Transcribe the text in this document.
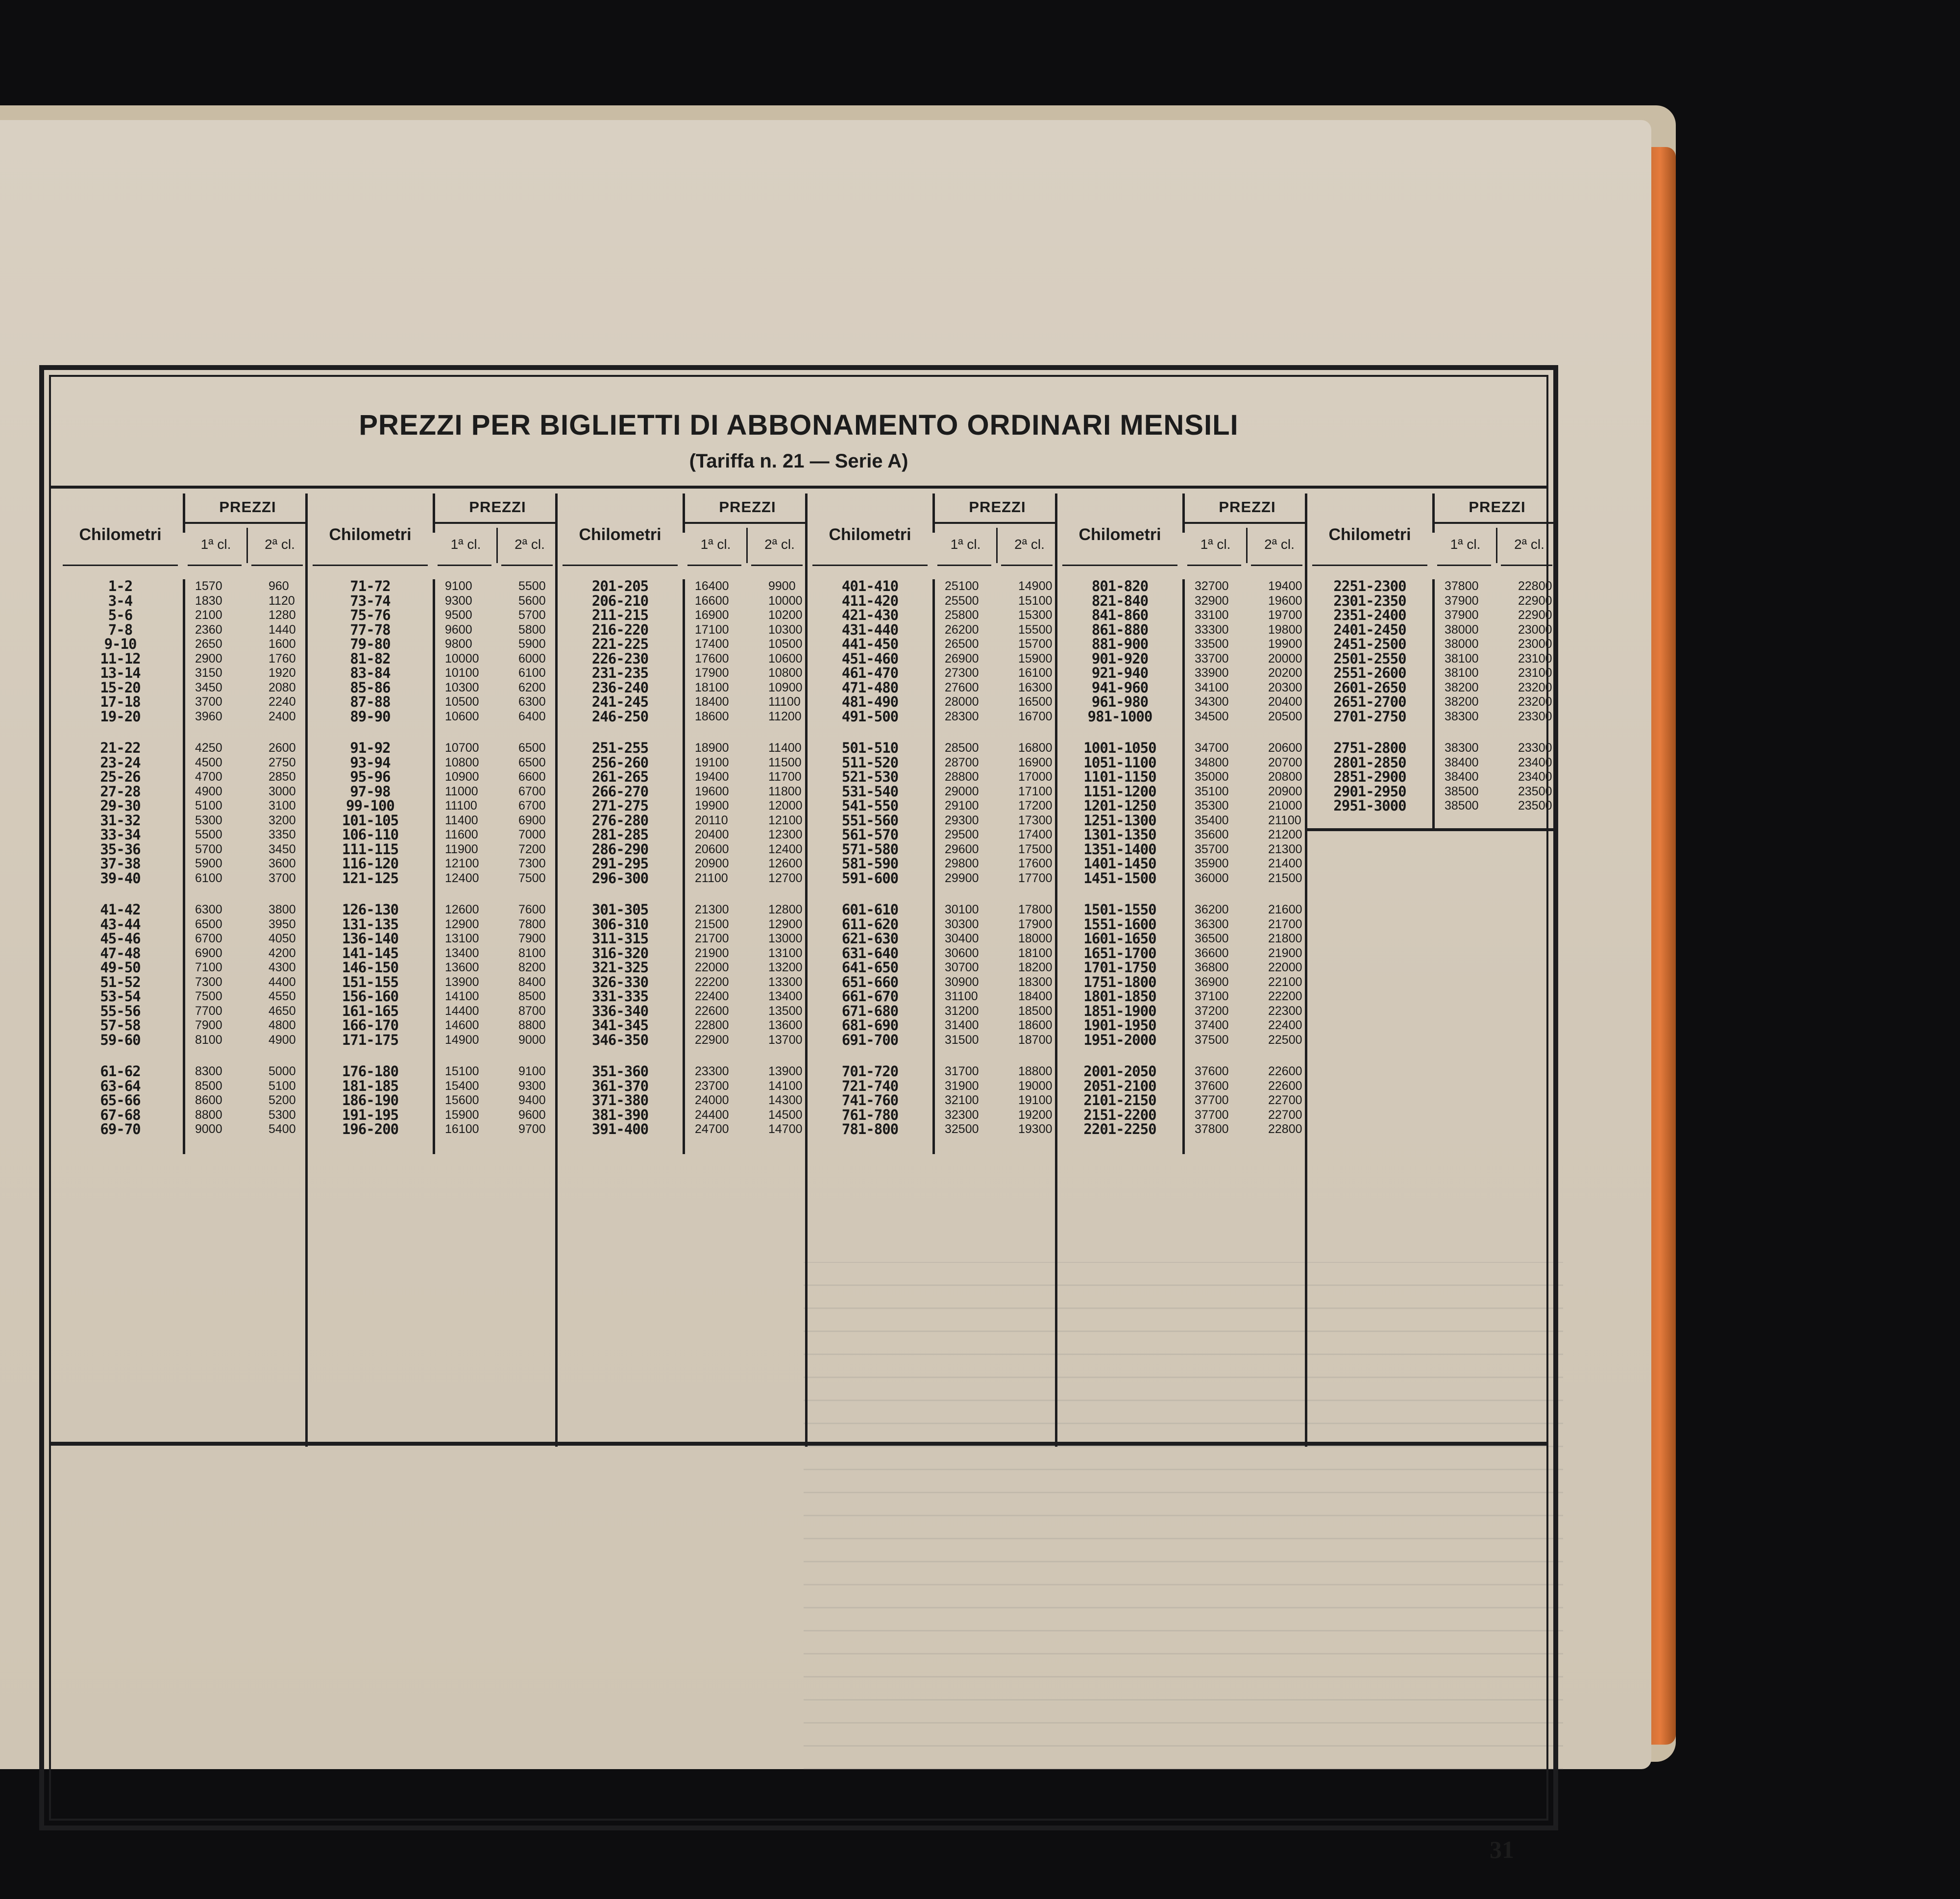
PREZZI PER BIGLIETTI DI ABBONAMENTO ORDINARI MENSILI
(Tariffa n. 21 — Serie A)
Chilometri
PREZZI
1ª cl.	2ª cl.
1-2	1570	960
3-4	1830	1120
5-6	2100	1280
7-8	2360	1440
9-10	2650	1600
11-12	2900	1760
13-14	3150	1920
15-20	3450	2080
17-18	3700	2240
19-20	3960	2400
21-22	4250	2600
23-24	4500	2750
25-26	4700	2850
27-28	4900	3000
29-30	5100	3100
31-32	5300	3200
33-34	5500	3350
35-36	5700	3450
37-38	5900	3600
39-40	6100	3700
41-42	6300	3800
43-44	6500	3950
45-46	6700	4050
47-48	6900	4200
49-50	7100	4300
51-52	7300	4400
53-54	7500	4550
55-56	7700	4650
57-58	7900	4800
59-60	8100	4900
61-62	8300	5000
63-64	8500	5100
65-66	8600	5200
67-68	8800	5300
69-70	9000	5400
Chilometri
PREZZI
1ª cl.	2ª cl.
71-72	9100	5500
73-74	9300	5600
75-76	9500	5700
77-78	9600	5800
79-80	9800	5900
81-82	10000	6000
83-84	10100	6100
85-86	10300	6200
87-88	10500	6300
89-90	10600	6400
91-92	10700	6500
93-94	10800	6500
95-96	10900	6600
97-98	11000	6700
99-100	11100	6700
101-105	11400	6900
106-110	11600	7000
111-115	11900	7200
116-120	12100	7300
121-125	12400	7500
126-130	12600	7600
131-135	12900	7800
136-140	13100	7900
141-145	13400	8100
146-150	13600	8200
151-155	13900	8400
156-160	14100	8500
161-165	14400	8700
166-170	14600	8800
171-175	14900	9000
176-180	15100	9100
181-185	15400	9300
186-190	15600	9400
191-195	15900	9600
196-200	16100	9700
Chilometri
PREZZI
1ª cl.	2ª cl.
201-205	16400	9900
206-210	16600	10000
211-215	16900	10200
216-220	17100	10300
221-225	17400	10500
226-230	17600	10600
231-235	17900	10800
236-240	18100	10900
241-245	18400	11100
246-250	18600	11200
251-255	18900	11400
256-260	19100	11500
261-265	19400	11700
266-270	19600	11800
271-275	19900	12000
276-280	20110	12100
281-285	20400	12300
286-290	20600	12400
291-295	20900	12600
296-300	21100	12700
301-305	21300	12800
306-310	21500	12900
311-315	21700	13000
316-320	21900	13100
321-325	22000	13200
326-330	22200	13300
331-335	22400	13400
336-340	22600	13500
341-345	22800	13600
346-350	22900	13700
351-360	23300	13900
361-370	23700	14100
371-380	24000	14300
381-390	24400	14500
391-400	24700	14700
Chilometri
PREZZI
1ª cl.	2ª cl.
401-410	25100	14900
411-420	25500	15100
421-430	25800	15300
431-440	26200	15500
441-450	26500	15700
451-460	26900	15900
461-470	27300	16100
471-480	27600	16300
481-490	28000	16500
491-500	28300	16700
501-510	28500	16800
511-520	28700	16900
521-530	28800	17000
531-540	29000	17100
541-550	29100	17200
551-560	29300	17300
561-570	29500	17400
571-580	29600	17500
581-590	29800	17600
591-600	29900	17700
601-610	30100	17800
611-620	30300	17900
621-630	30400	18000
631-640	30600	18100
641-650	30700	18200
651-660	30900	18300
661-670	31100	18400
671-680	31200	18500
681-690	31400	18600
691-700	31500	18700
701-720	31700	18800
721-740	31900	19000
741-760	32100	19100
761-780	32300	19200
781-800	32500	19300
Chilometri
PREZZI
1ª cl.	2ª cl.
801-820	32700	19400
821-840	32900	19600
841-860	33100	19700
861-880	33300	19800
881-900	33500	19900
901-920	33700	20000
921-940	33900	20200
941-960	34100	20300
961-980	34300	20400
981-1000	34500	20500
1001-1050	34700	20600
1051-1100	34800	20700
1101-1150	35000	20800
1151-1200	35100	20900
1201-1250	35300	21000
1251-1300	35400	21100
1301-1350	35600	21200
1351-1400	35700	21300
1401-1450	35900	21400
1451-1500	36000	21500
1501-1550	36200	21600
1551-1600	36300	21700
1601-1650	36500	21800
1651-1700	36600	21900
1701-1750	36800	22000
1751-1800	36900	22100
1801-1850	37100	22200
1851-1900	37200	22300
1901-1950	37400	22400
1951-2000	37500	22500
2001-2050	37600	22600
2051-2100	37600	22600
2101-2150	37700	22700
2151-2200	37700	22700
2201-2250	37800	22800
Chilometri
PREZZI
1ª cl.	2ª cl.
2251-2300	37800	22800
2301-2350	37900	22900
2351-2400	37900	22900
2401-2450	38000	23000
2451-2500	38000	23000
2501-2550	38100	23100
2551-2600	38100	23100
2601-2650	38200	23200
2651-2700	38200	23200
2701-2750	38300	23300
2751-2800	38300	23300
2801-2850	38400	23400
2851-2900	38400	23400
2901-2950	38500	23500
2951-3000	38500	23500
31
